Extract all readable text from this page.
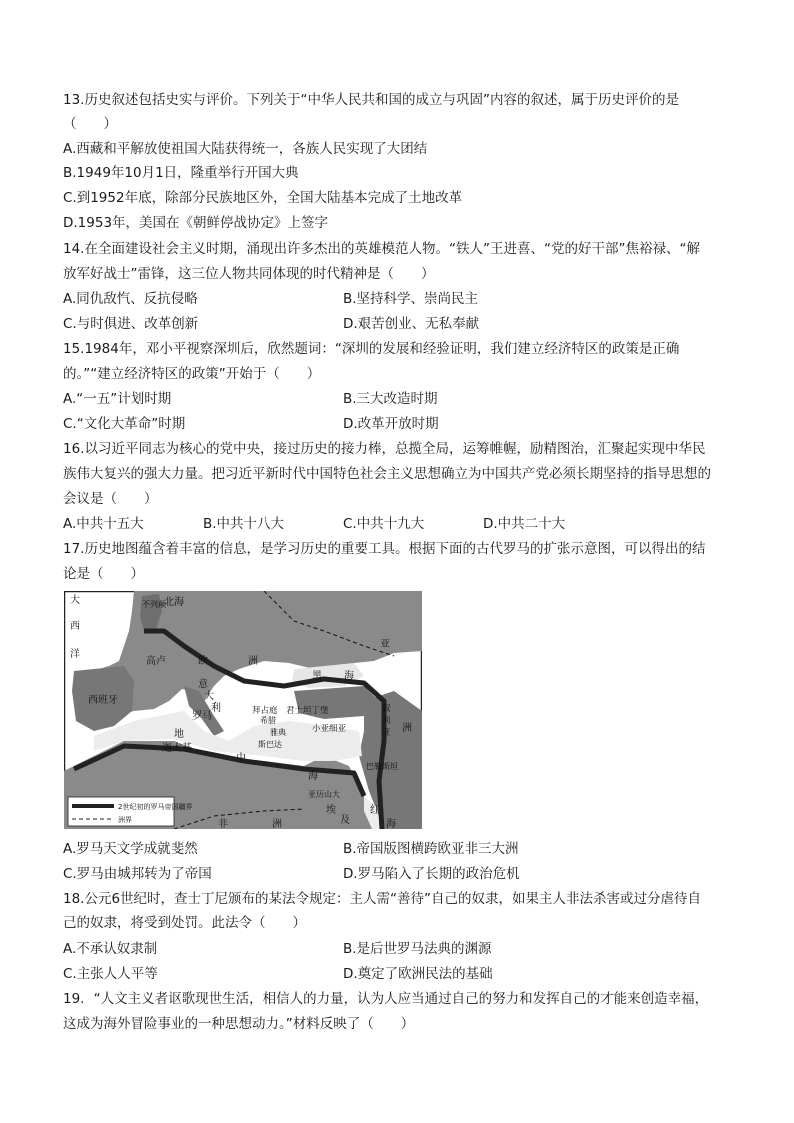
13.历史叙述包括史实与评价。下列关于“中华人民共和国的成立与巩固”内容的叙述，属于历史评价的是
（　　）
A.西藏和平解放使祖国大陆获得统一，各族人民实现了大团结
B.1949年10月1日，隆重举行开国大典
C.到1952年底，除部分民族地区外，全国大陆基本完成了土地改革
D.1953年，美国在《朝鲜停战协定》上签字
14.在全面建设社会主义时期，涌现出许多杰出的英雄模范人物。“铁人”王进喜、“党的好干部”焦裕禄、“解
放军好战士”雷锋，这三位人物共同体现的时代精神是（　　）
A.同仇敌忾、反抗侵略	B.坚持科学、崇尚民主
C.与时俱进、改革创新	D.艰苦创业、无私奉献
15.1984年，邓小平视察深圳后，欣然题词：“深圳的发展和经验证明，我们建立经济特区的政策是正确
的。”“建立经济特区的政策”开始于（　　）
A.“一五”计划时期	B.三大改造时期
C.“文化大革命”时期	D.改革开放时期
16.以习近平同志为核心的党中央，接过历史的接力棒，总揽全局，运筹帷幄，励精图治，汇聚起实现中华民
族伟大复兴的强大力量。把习近平新时代中国特色社会主义思想确立为中国共产党必须长期坚持的指导思想的
会议是（　　）
A.中共十五大	B.中共十八大	C.中共十九大	D.中共二十大
17.历史地图蕴含着丰富的信息，是学习历史的重要工具。根据下面的古代罗马的扩张示意图，可以得出的结
论是（　　）
大
西
洋
不列颠
北海
高卢	欧	洲
西班牙
意
大
利
罗马
迦太基
地
中
海
黑 海
拜占庭 君士坦丁堡
小亚细亚
叙
利
亚
希腊
雅典
斯巴达
巴勒斯坦
亚历山大
埃
及
红
海
非	洲
亚
洲
2世纪初的罗马帝国疆界
洲界
A.罗马天文学成就斐然	B.帝国版图横跨欧亚非三大洲
C.罗马由城邦转为了帝国	D.罗马陷入了长期的政治危机
18.公元6世纪时，查士丁尼颁布的某法令规定：主人需“善待”自己的奴隶，如果主人非法杀害或过分虐待自
己的奴隶，将受到处罚。此法令（　　）
A.不承认奴隶制	B.是后世罗马法典的渊源
C.主张人人平等	D.奠定了欧洲民法的基础
19．“人文主义者讴歌现世生活，相信人的力量，认为人应当通过自己的努力和发挥自己的才能来创造幸福，
这成为海外冒险事业的一种思想动力。”材料反映了（　　）
